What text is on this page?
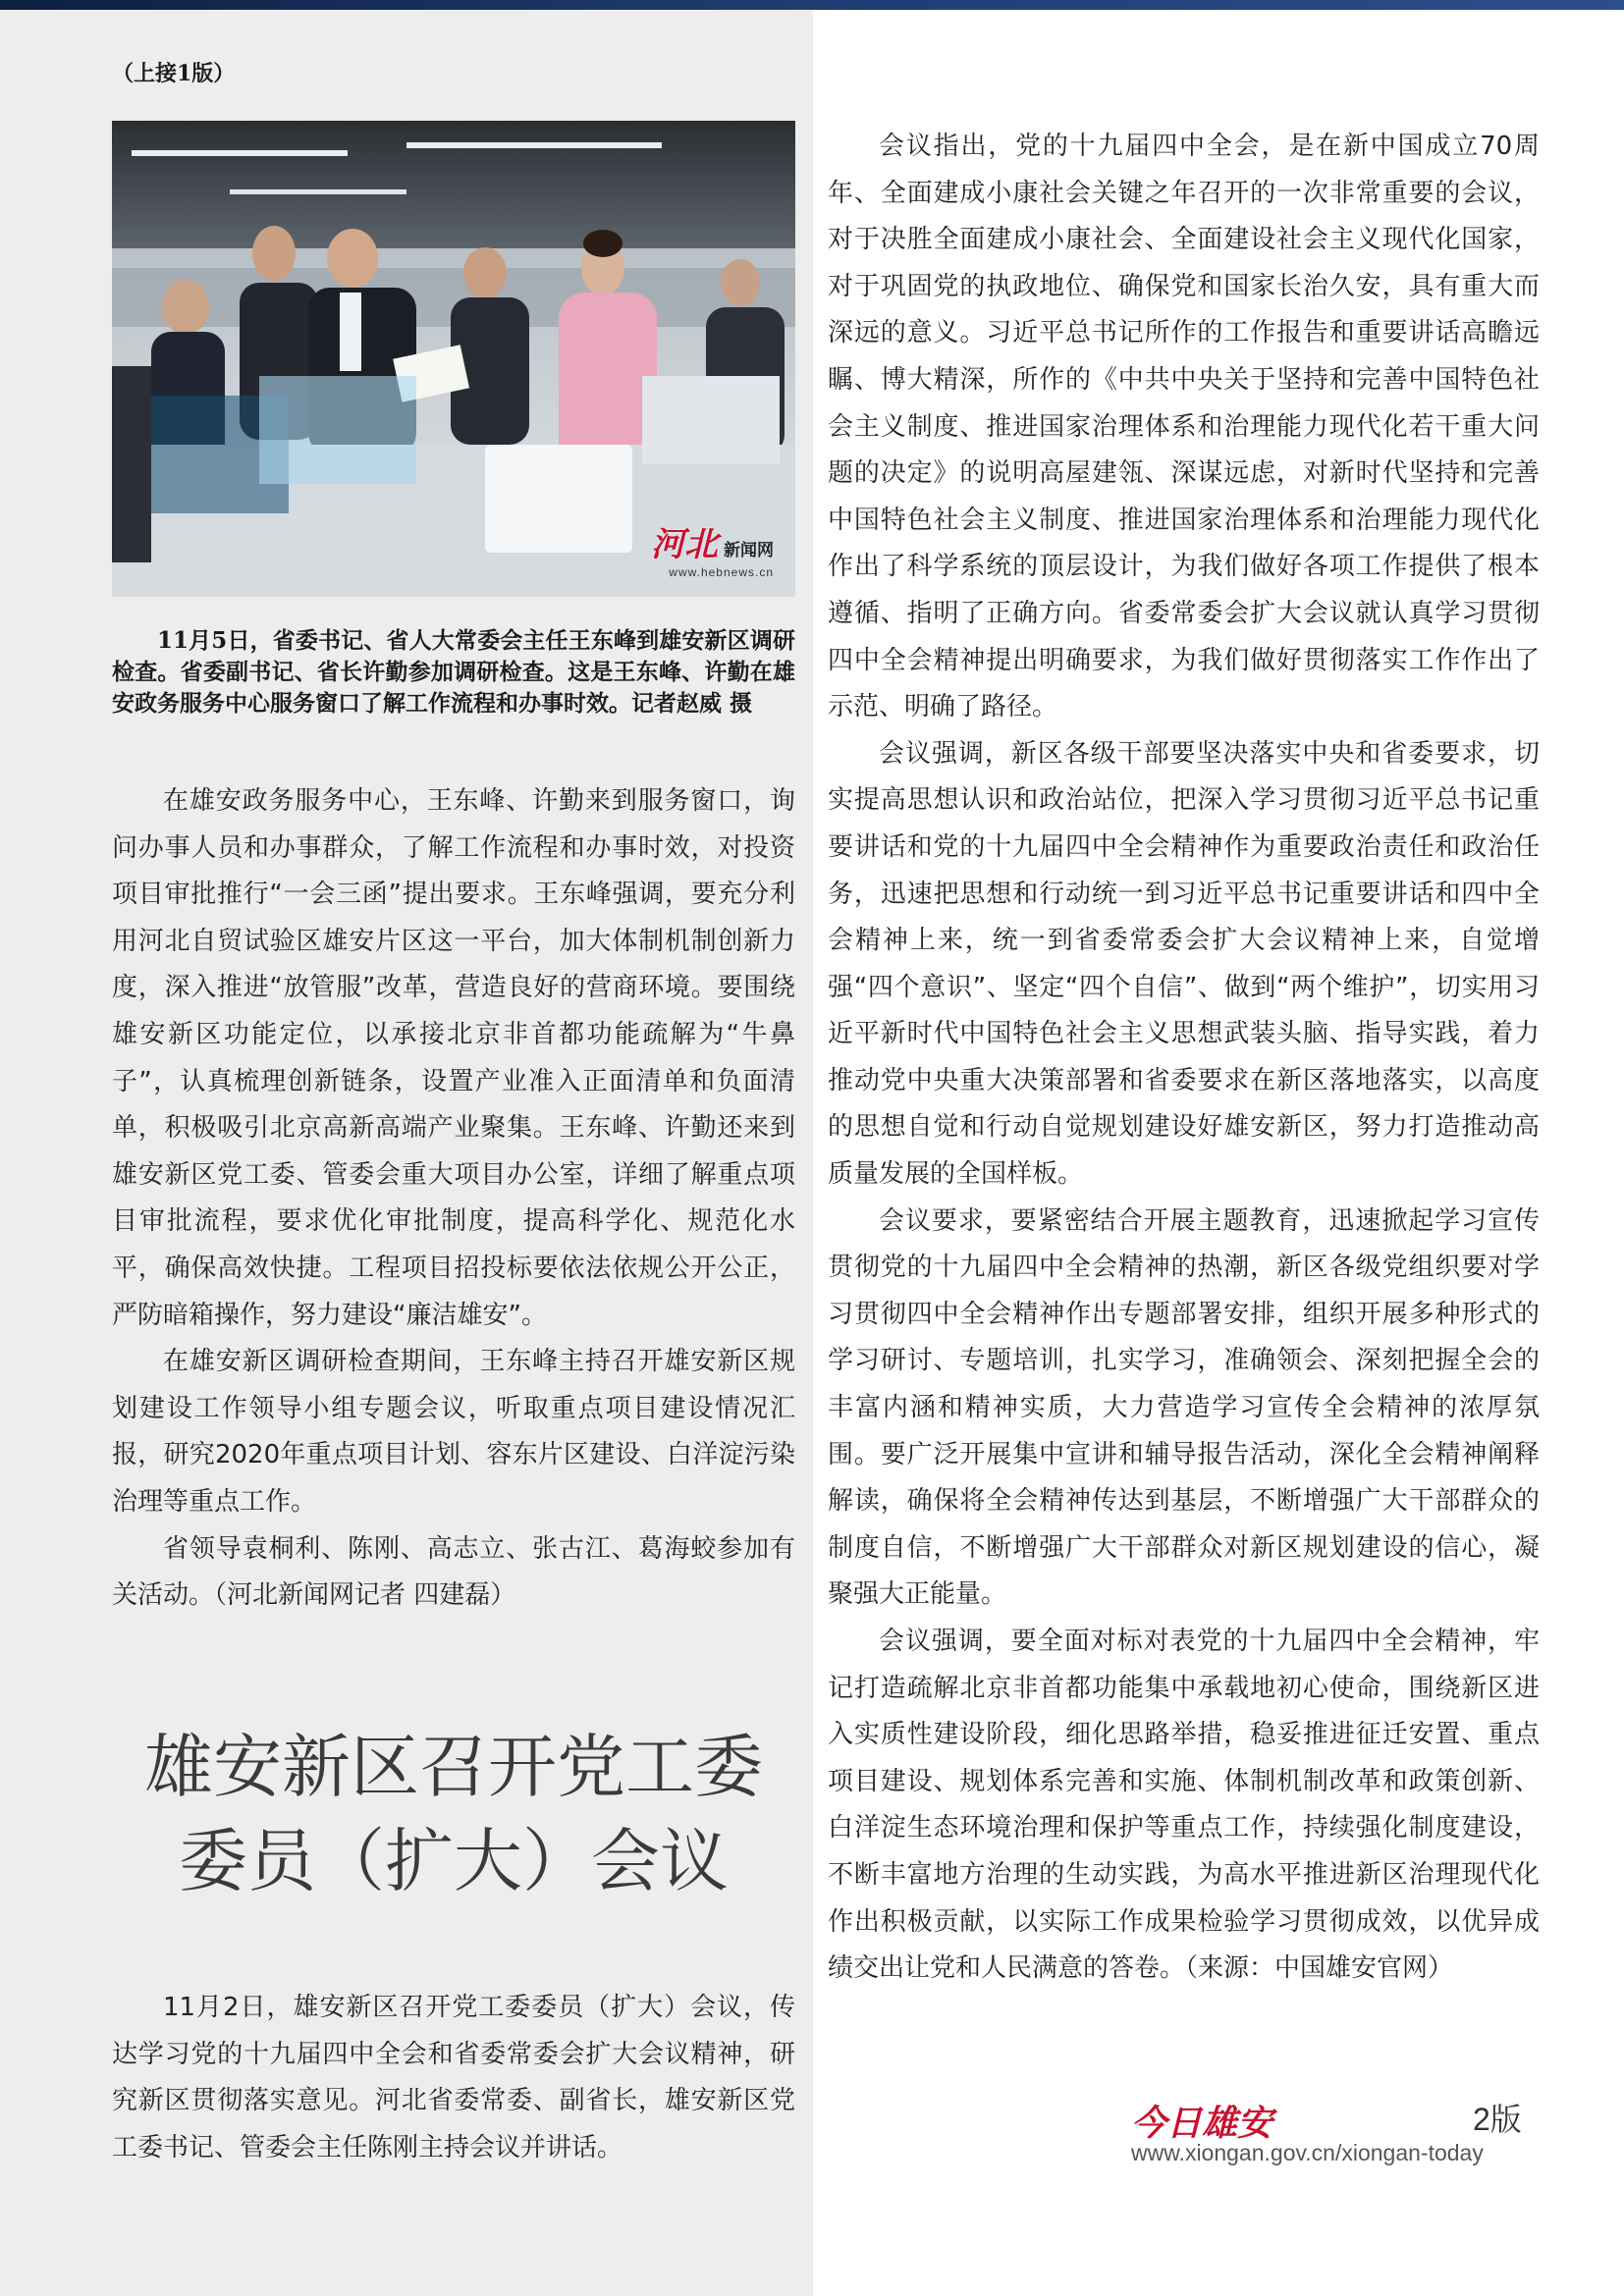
（上接1版）
河北 新闻网
www.hebnews.cn
11月5日，省委书记、省人大常委会主任王东峰到雄安新区调研检查。省委副书记、省长许勤参加调研检查。这是王东峰、许勤在雄安政务服务中心服务窗口了解工作流程和办事时效。记者赵威 摄

在雄安政务服务中心，王东峰、许勤来到服务窗口，询问办事人员和办事群众，了解工作流程和办事时效，对投资项目审批推行“一会三函”提出要求。王东峰强调，要充分利用河北自贸试验区雄安片区这一平台，加大体制机制创新力度，深入推进“放管服”改革，营造良好的营商环境。要围绕雄安新区功能定位，以承接北京非首都功能疏解为“牛鼻子”，认真梳理创新链条，设置产业准入正面清单和负面清单，积极吸引北京高新高端产业聚集。王东峰、许勤还来到雄安新区党工委、管委会重大项目办公室，详细了解重点项目审批流程，要求优化审批制度，提高科学化、规范化水平，确保高效快捷。工程项目招投标要依法依规公开公正，严防暗箱操作，努力建设“廉洁雄安”。

在雄安新区调研检查期间，王东峰主持召开雄安新区规划建设工作领导小组专题会议，听取重点项目建设情况汇报，研究2020年重点项目计划、容东片区建设、白洋淀污染治理等重点工作。

省领导袁桐利、陈刚、高志立、张古江、葛海蛟参加有关活动。（河北新闻网记者 四建磊）

雄安新区召开党工委
委员（扩大）会议

11月2日，雄安新区召开党工委委员（扩大）会议，传达学习党的十九届四中全会和省委常委会扩大会议精神，研究新区贯彻落实意见。河北省委常委、副省长，雄安新区党工委书记、管委会主任陈刚主持会议并讲话。

会议指出，党的十九届四中全会，是在新中国成立70周年、全面建成小康社会关键之年召开的一次非常重要的会议，对于决胜全面建成小康社会、全面建设社会主义现代化国家，对于巩固党的执政地位、确保党和国家长治久安，具有重大而深远的意义。习近平总书记所作的工作报告和重要讲话高瞻远瞩、博大精深，所作的《中共中央关于坚持和完善中国特色社会主义制度、推进国家治理体系和治理能力现代化若干重大问题的决定》的说明高屋建瓴、深谋远虑，对新时代坚持和完善中国特色社会主义制度、推进国家治理体系和治理能力现代化作出了科学系统的顶层设计，为我们做好各项工作提供了根本遵循、指明了正确方向。省委常委会扩大会议就认真学习贯彻四中全会精神提出明确要求，为我们做好贯彻落实工作作出了示范、明确了路径。

会议强调，新区各级干部要坚决落实中央和省委要求，切实提高思想认识和政治站位，把深入学习贯彻习近平总书记重要讲话和党的十九届四中全会精神作为重要政治责任和政治任务，迅速把思想和行动统一到习近平总书记重要讲话和四中全会精神上来，统一到省委常委会扩大会议精神上来，自觉增强“四个意识”、坚定“四个自信”、做到“两个维护”，切实用习近平新时代中国特色社会主义思想武装头脑、指导实践，着力推动党中央重大决策部署和省委要求在新区落地落实，以高度的思想自觉和行动自觉规划建设好雄安新区，努力打造推动高质量发展的全国样板。

会议要求，要紧密结合开展主题教育，迅速掀起学习宣传贯彻党的十九届四中全会精神的热潮，新区各级党组织要对学习贯彻四中全会精神作出专题部署安排，组织开展多种形式的学习研讨、专题培训，扎实学习，准确领会、深刻把握全会的丰富内涵和精神实质，大力营造学习宣传全会精神的浓厚氛围。要广泛开展集中宣讲和辅导报告活动，深化全会精神阐释解读，确保将全会精神传达到基层，不断增强广大干部群众的制度自信，不断增强广大干部群众对新区规划建设的信心，凝聚强大正能量。

会议强调，要全面对标对表党的十九届四中全会精神，牢记打造疏解北京非首都功能集中承载地初心使命，围绕新区进入实质性建设阶段，细化思路举措，稳妥推进征迁安置、重点项目建设、规划体系完善和实施、体制机制改革和政策创新、白洋淀生态环境治理和保护等重点工作，持续强化制度建设，不断丰富地方治理的生动实践，为高水平推进新区治理现代化作出积极贡献，以实际工作成果检验学习贯彻成效，以优异成绩交出让党和人民满意的答卷。（来源：中国雄安官网）

今日雄安	2版
www.xiongan.gov.cn/xiongan-today
